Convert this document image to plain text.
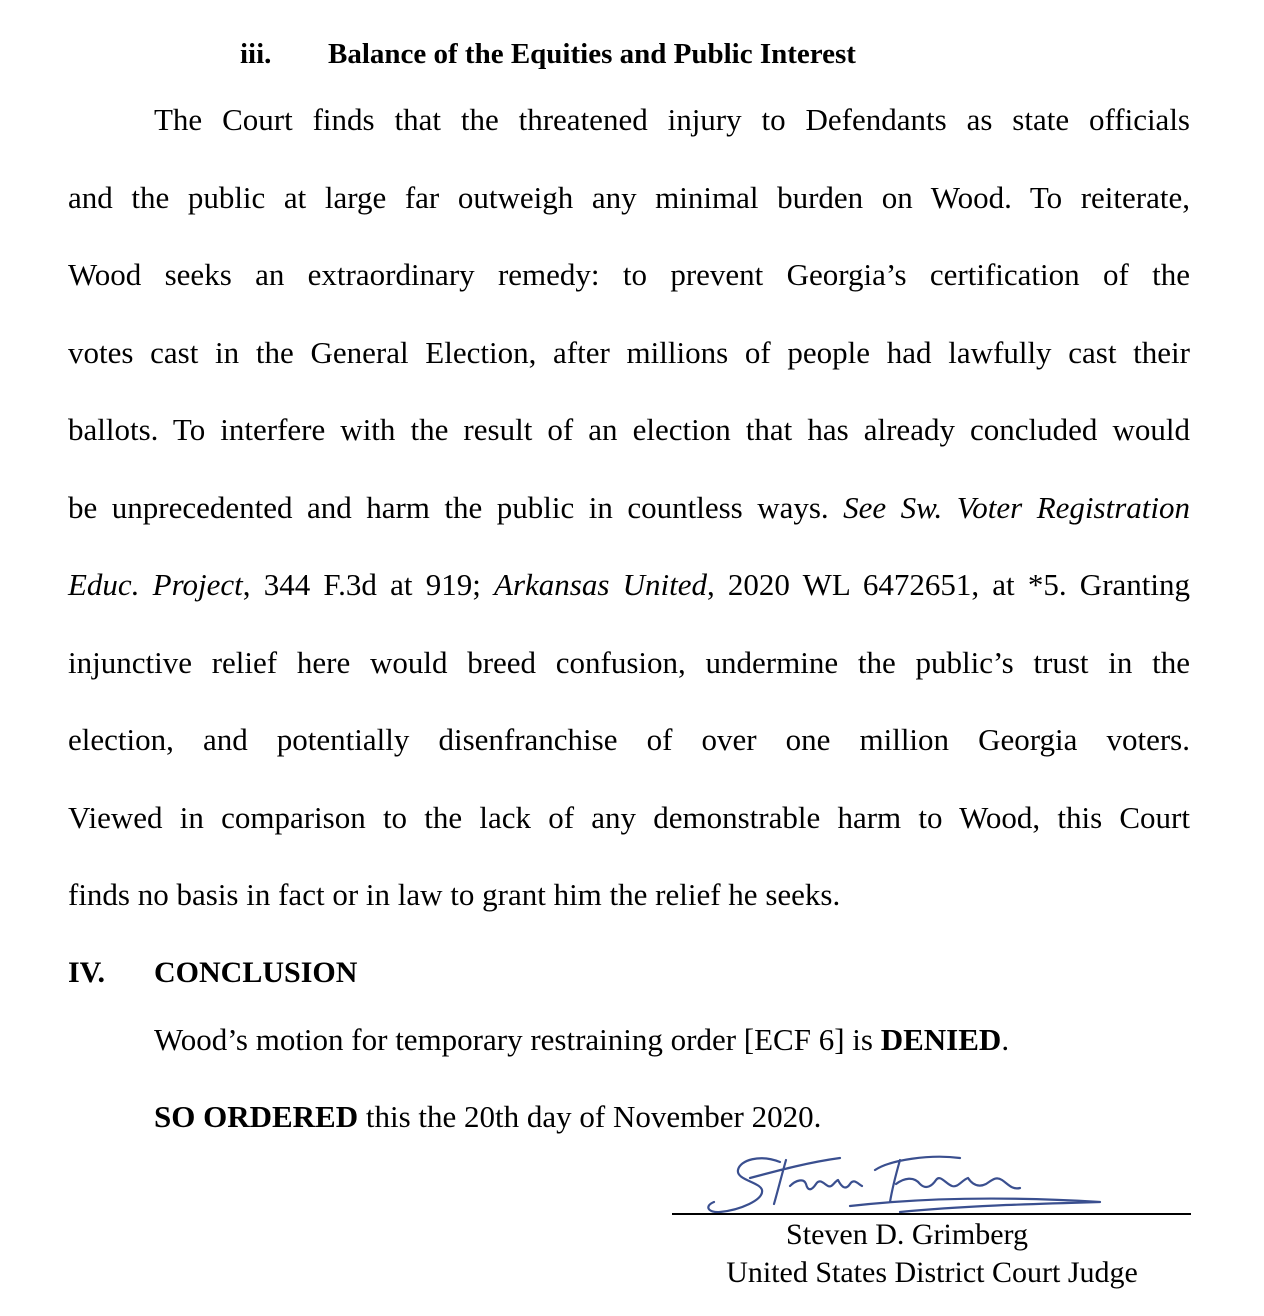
iii. Balance of the Equities and Public Interest
The Court finds that the threatened injury to Defendants as state officials
and the public at large far outweigh any minimal burden on Wood. To reiterate,
Wood seeks an extraordinary remedy: to prevent Georgia’s certification of the
votes cast in the General Election, after millions of people had lawfully cast their
ballots. To interfere with the result of an election that has already concluded would
be unprecedented and harm the public in countless ways. See Sw. Voter Registration
Educ. Project, 344 F.3d at 919; Arkansas United, 2020 WL 6472651, at *5. Granting
injunctive relief here would breed confusion, undermine the public’s trust in the
election, and potentially disenfranchise of over one million Georgia voters.
Viewed in comparison to the lack of any demonstrable harm to Wood, this Court
finds no basis in fact or in law to grant him the relief he seeks.
IV. CONCLUSION
Wood’s motion for temporary restraining order [ECF 6] is DENIED.
SO ORDERED this the 20th day of November 2020.
Steven D. Grimberg
United States District Court Judge
